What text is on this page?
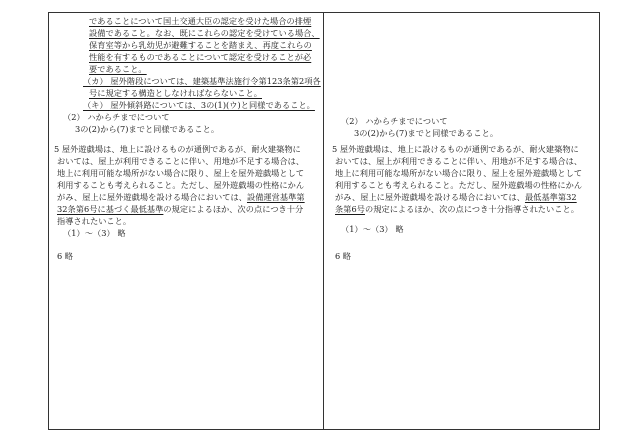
であることについて国土交通大臣の認定を受けた場合の排煙
設備であること。なお、既にこれらの認定を受けている場合、
保育室等から乳幼児が避難することを踏まえ、再度これらの
性能を有するものであることについて認定を受けることが必
要であること。
（カ） 屋外階段については、建築基準法施行令第123条第2項各
号に規定する構造としなければならないこと。
（キ） 屋外傾斜路については、3の(1)(ウ)と同様であること。
（2） ハからチまでについて
3の(2)から(7)までと同様であること。
5 屋外遊戯場は、地上に設けるものが通例であるが、耐火建築物に
おいては、屋上が利用できることに伴い、用地が不足する場合は、
地上に利用可能な場所がない場合に限り、屋上を屋外遊戯場として
利用することも考えられること。ただし、屋外遊戯場の性格にかん
がみ、屋上に屋外遊戯場を設ける場合においては、設備運営基準第
32条第6号に基づく最低基準の規定によるほか、次の点につき十分
指導されたいこと。
（1）～（3） 略
6 略
（2） ハからチまでについて
3の(2)から(7)までと同様であること。
5 屋外遊戯場は、地上に設けるものが通例であるが、耐火建築物に
おいては、屋上が利用できることに伴い、用地が不足する場合は、
地上に利用可能な場所がない場合に限り、屋上を屋外遊戯場として
利用することも考えられること。ただし、屋外遊戯場の性格にかん
がみ、屋上に屋外遊戯場を設ける場合においては、最低基準第32
条第6号の規定によるほか、次の点につき十分指導されたいこと。
（1）～（3） 略
6 略
